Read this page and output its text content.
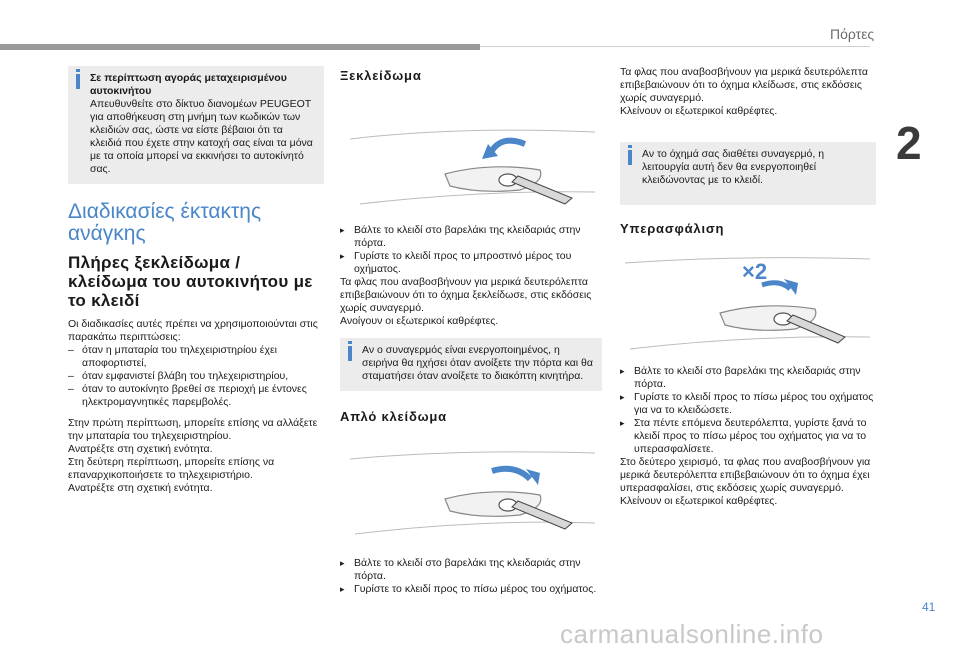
Πόρτες
2
Σε περίπτωση αγοράς μεταχειρισμένου αυτοκινήτου

Απευθυνθείτε στο δίκτυο διανομέων PEUGEOT για αποθήκευση στη μνήμη των κωδικών των κλειδιών σας, ώστε να είστε βέβαιοι ότι τα κλειδιά που έχετε στην κατοχή σας είναι τα μόνα με τα οποία μπορεί να εκκινήσει το αυτοκίνητό σας.

Διαδικασίες έκτακτης ανάγκης
Πλήρες ξεκλείδωμα / κλείδωμα του αυτοκινήτου με το κλειδί

Οι διαδικασίες αυτές πρέπει να χρησιμοποιούνται στις παρακάτω περιπτώσεις:

– όταν η μπαταρία του τηλεχειριστηρίου έχει αποφορτιστεί,
– όταν εμφανιστεί βλάβη του τηλεχειριστηρίου,
– όταν το αυτοκίνητο βρεθεί σε περιοχή με έντονες ηλεκτρομαγνητικές παρεμβολές.

Στην πρώτη περίπτωση, μπορείτε επίσης να αλλάξετε την μπαταρία του τηλεχειριστηρίου.

Ανατρέξτε στη σχετική ενότητα.

Στη δεύτερη περίπτωση, μπορείτε επίσης να επαναρχικοποιήσετε το τηλεχειριστήριο.

Ανατρέξτε στη σχετική ενότητα.

Ξεκλείδωμα
▸ Βάλτε το κλειδί στο βαρελάκι της κλειδαριάς στην πόρτα.
▸ Γυρίστε το κλειδί προς το μπροστινό μέρος του οχήματος.

Τα φλας που αναβοσβήνουν για μερικά δευτερόλεπτα επιβεβαιώνουν ότι το όχημα ξεκλείδωσε, στις εκδόσεις χωρίς συναγερμό.

Ανοίγουν οι εξωτερικοί καθρέφτες.

Αν ο συναγερμός είναι ενεργοποιημένος, η σειρήνα θα ηχήσει όταν ανοίξετε την πόρτα και θα σταματήσει όταν ανοίξετε το διακόπτη κινητήρα.

Απλό κλείδωμα
▸ Βάλτε το κλειδί στο βαρελάκι της κλειδαριάς στην πόρτα.
▸ Γυρίστε το κλειδί προς το πίσω μέρος του οχήματος.

Τα φλας που αναβοσβήνουν για μερικά δευτερόλεπτα επιβεβαιώνουν ότι το όχημα κλείδωσε, στις εκδόσεις χωρίς συναγερμό.

Κλείνουν οι εξωτερικοί καθρέφτες.

Αν το όχημά σας διαθέτει συναγερμό, η λειτουργία αυτή δεν θα ενεργοποιηθεί κλειδώνοντας με το κλειδί.

Υπερασφάλιση
×2
▸ Βάλτε το κλειδί στο βαρελάκι της κλειδαριάς στην πόρτα.
▸ Γυρίστε το κλειδί προς το πίσω μέρος του οχήματος για να το κλειδώσετε.
▸ Στα πέντε επόμενα δευτερόλεπτα, γυρίστε ξανά το κλειδί προς το πίσω μέρος του οχήματος για να το υπερασφαλίσετε.

Στο δεύτερο χειρισμό, τα φλας που αναβοσβήνουν για μερικά δευτερόλεπτα επιβεβαιώνουν ότι το όχημα έχει υπερασφαλίσει, στις εκδόσεις χωρίς συναγερμό.

Κλείνουν οι εξωτερικοί καθρέφτες.

41
carmanualsonline.info
